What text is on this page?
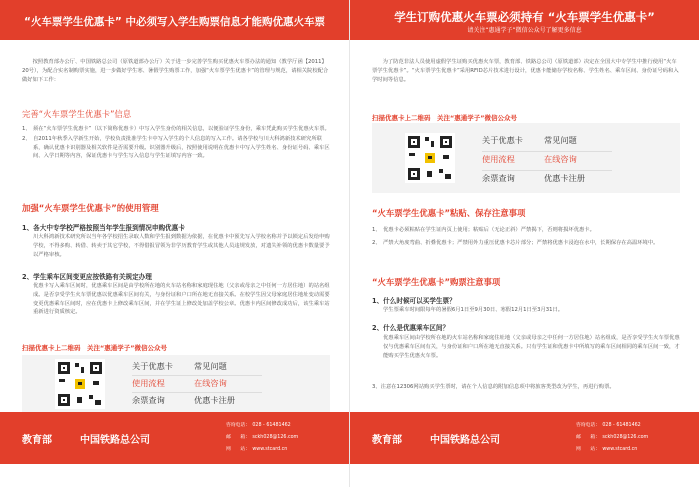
“火车票学生优惠卡” 中必须写入学生购票信息才能购优惠火车票
按照教育部办公厅、中国铁路总公司（原铁道部办公厅）关于进一步完善学生购买优惠火车票办法的通知（教学厅函【2011】20号），为配合实名制购票实施，进一步做好学生寒、暑假学生购票工作，加强“火车票学生优惠卡”的管理与规范，请相关院校配合做好如下工作：
完善“火车票学生优惠卡”信息
1、 须在“火车票学生优惠卡”（以下简称优惠卡）中写入学生身份的相关信息，以便验证学生身份，乘车凭此购买学生优惠火车票。
2、 自2011年秋季入学新生开始，学校负责批准学生卡中写入学生的个人信息的写入工作。请各学校与川大科鸿新技术研究所联系，确认优惠卡识别器及相关软件是否需要升级。识别器升级后，按照使用说明在优惠卡中写入学生姓名、身份证号码、乘车区间、入学日期等内容，保证优惠卡与学生写入信息与学生证填写内容一致。
加强“火车票学生优惠卡”的使用管理
1、各大中专学校严格按照当年学生报到情况申购优惠卡
川大科鸿新技术研究所以当年各学校招生录取人数和学生报到数据为依据，在优惠卡中预先写入学校名称并予以锁定后发给申购学校，不得多购、转借、转卖于其它学校，不得借报冒领为非学历教育学生或其他人员违规发放，对遗失补领的优惠卡数量要予以严格审核。
2、学生乘车区间变更应按铁路有关规定办理
优惠卡写入乘车区间时，优惠乘车区间是由学校所在地的火车站名称和家庭现住地（父亲或母亲之中任何一方居住地）的站名组成。是否享受学生火车票优惠以优惠乘车区间有关，与身份证和户口所在地无直接关系。在校学生因父母家庭居住地址变动需要变更优惠乘车区间时，应在优惠卡上修改乘车区间，并在学生证上修改处加盖学校公章。优惠卡内区间修改成功后，该生乘车站重新进行资质核定。
扫描优惠卡上二维码　关注“惠通学子”微信公众号
关于优惠卡	常见问题
使用流程	在线咨询
余票查询	优惠卡注册
教育部	中国铁路总公司
咨询电话：　028 - 61481462
邮　　箱：　sckh028@126.com
网　　站：　www.stcard.cn
学生订购优惠火车票必须持有 “火车票学生优惠卡”
请关注“惠通学子”微信公众号了解更多信息
为了防范非法人员使用虚假学生证购买优惠火车票，教育部、铁路总公司（原铁道部）决定在全国大中专学生中推行使用“火车票学生优惠卡”。“火车票学生优惠卡”采用RFID芯片技术进行设计，优惠卡能储存学校名称、学生姓名、乘车区间、身份证号码和入学时间等信息。
扫描优惠卡上二维码　关注“惠通学子”微信公众号
关于优惠卡	常见问题
使用流程	在线咨询
余票查询	优惠卡注册
“火车票学生优惠卡”粘贴、保存注意事项
1、 优惠卡必须粘贴在学生证内页上使用；粘贴后（无论正斜）严禁揭下，否则将损坏优惠卡。
2、 严禁大角度弯曲、折叠优惠卡；严禁用外力重压优惠卡芯片部分；严禁将优惠卡浸泡在水中，长期保存在高温环境中。
“火车票学生优惠卡”购票注意事项
1、什么时候可以买学生票？
学生票乘车时间限每年的暑假6月1日至9月30日、寒假12月1日至3月31日。
2、什么是优惠乘车区间？
优惠乘车区间由学校所在地的火车站名称和家庭住址地（父亲或母亲之中任何一方居住地）站名组成，是否享受学生火车票优惠仅与优惠乘车区间有关，与身份证和户口所在地无直接关系。只有学生证和优惠卡中所填写的乘车区间相同的乘车区间一致，才能购买学生优惠火车票。
3、注意在12306网站购买学生票时，请在个人信息的附加信息项中将旅客类型改为学生，再进行购票。
教育部	中国铁路总公司
咨询电话：　028 - 61481462
邮　　箱：　sckh028@126.com
网　　站：　www.stcard.cn
